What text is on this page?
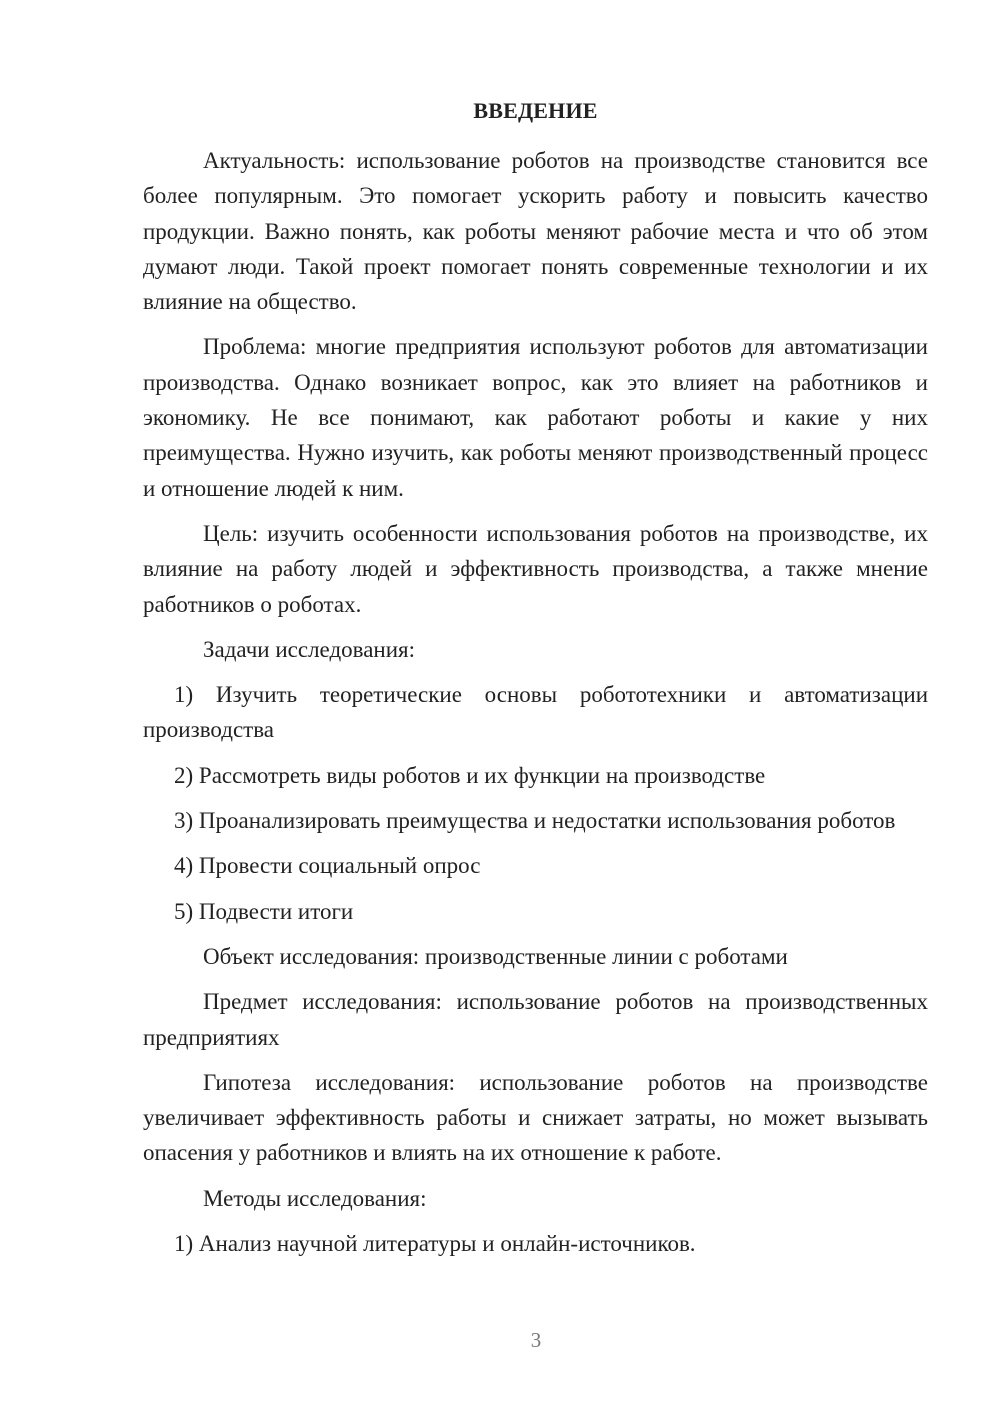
ВВЕДЕНИЕ

Актуальность: использование роботов на производстве становится все более популярным. Это помогает ускорить работу и повысить качество продукции. Важно понять, как роботы меняют рабочие места и что об этом думают люди. Такой проект помогает понять современные технологии и их влияние на общество.

Проблема: многие предприятия используют роботов для автоматизации производства. Однако возникает вопрос, как это влияет на работников и экономику. Не все понимают, как работают роботы и какие у них преимущества. Нужно изучить, как роботы меняют производственный процесс и отношение людей к ним.

Цель: изучить особенности использования роботов на производстве, их влияние на работу людей и эффективность производства, а также мнение работников о роботах.

Задачи исследования:

1) Изучить теоретические основы робототехники и автоматизации производства

2) Рассмотреть виды роботов и их функции на производстве

3) Проанализировать преимущества и недостатки использования роботов

4) Провести социальный опрос

5) Подвести итоги

Объект исследования: производственные линии с роботами

Предмет исследования: использование роботов на производственных предприятиях

Гипотеза исследования: использование роботов на производстве увеличивает эффективность работы и снижает затраты, но может вызывать опасения у работников и влиять на их отношение к работе.

Методы исследования:

1) Анализ научной литературы и онлайн-источников.

3
